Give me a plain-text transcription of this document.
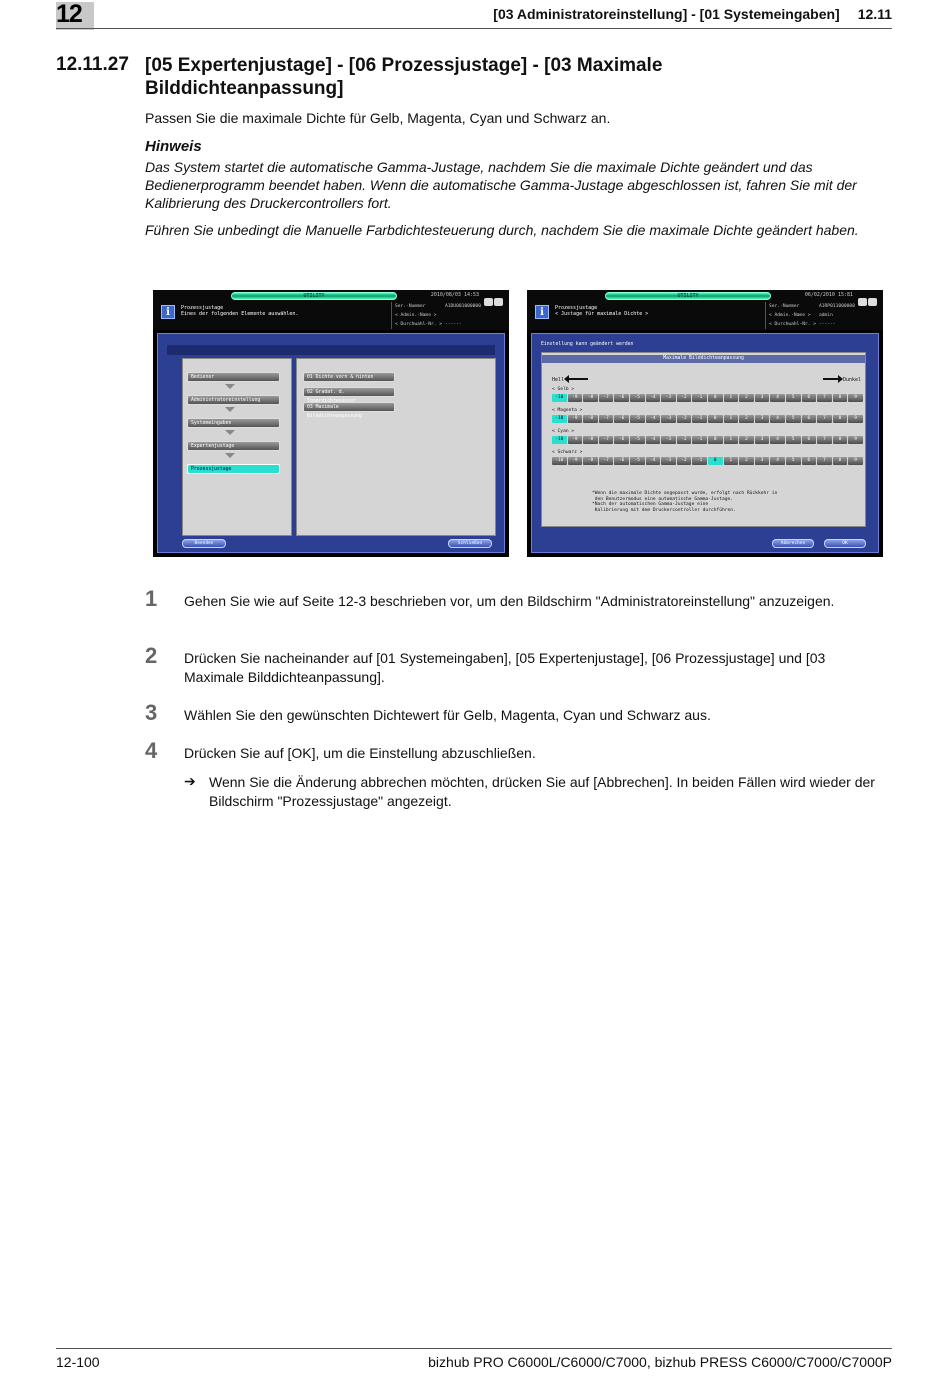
12	[03 Administratoreinstellung] - [01 Systemeingaben] 12.11
12.11.27 [05 Expertenjustage] - [06 Prozessjustage] - [03 Maximale Bilddichteanpassung]
Passen Sie die maximale Dichte für Gelb, Magenta, Cyan und Schwarz an.
Hinweis
Das System startet die automatische Gamma-Justage, nachdem Sie die maximale Dichte geändert und das Bedienerprogramm beendet haben. Wenn die automatische Gamma-Justage abgeschlossen ist, fahren Sie mit der Kalibrierung des Druckercontrollers fort.
Führen Sie unbedingt die Manuelle Farbdichtesteuerung durch, nachdem Sie die maximale Dichte geändert haben.
UTILITY	2010/08/03 14:53
i	Prozessjustage
Eines der folgenden Elemente auswählen.
Ser.-Nummer	A1DU001000000
< Admin.-Name >
< Durchwahl-Nr. > ------
Bediener
Administratoreinstellung
Systemeingaben
Expertenjustage
Prozessjustage
01 Dichte vorn & hinten
02 Gradat. d.
03 Maximale Bilddichteanpassung
Beenden	Schließen
UTILITY	06/02/2010 15:81
i	Prozessjustage
< Justage für maximale Dichte >
Ser.-Nummer	A1RP011000000
< Admin.-Name > admin
< Durchwahl-Nr. > ------
Einstellung kann geändert werden
Maximale Bilddichteanpassung
Hell	Dunkel
< Gelb >
-10	-9	-8	-7	-6	-5	-4	-3	-2	-1	0	1	2	3	4	5	6	7	8	9
< Magenta >
-10	-9	-8	-7	-6	-5	-4	-3	-2	-1	0	1	2	3	4	5	6	7	8	9
< Cyan >
-10	-9	-8	-7	-6	-5	-4	-3	-2	-1	0	1	2	3	4	5	6	7	8	9
< Schwarz >
-10	-9	-8	-7	-6	-5	-4	-3	-2	-1	0	1	2	3	4	5	6	7	8	9
*Wenn die maximale Dichte angepasst wurde, erfolgt nach Rückkehr in
den Benutzermodus eine automatische Gamma-Justage.
*Nach der automatischen Gamma-Justage eine
Kalibrierung mit dem Druckercontroller durchführen.
Abbrechen	OK
1 Gehen Sie wie auf Seite 12-3 beschrieben vor, um den Bildschirm "Administratoreinstellung" anzuzeigen.
2 Drücken Sie nacheinander auf [01 Systemeingaben], [05 Expertenjustage], [06 Prozessjustage] und [03 Maximale Bilddichteanpassung].
3 Wählen Sie den gewünschten Dichtewert für Gelb, Magenta, Cyan und Schwarz aus.
4 Drücken Sie auf [OK], um die Einstellung abzuschließen.
➔ Wenn Sie die Änderung abbrechen möchten, drücken Sie auf [Abbrechen]. In beiden Fällen wird wieder der Bildschirm "Prozessjustage" angezeigt.
12-100	bizhub PRO C6000L/C6000/C7000, bizhub PRESS C6000/C7000/C7000P
